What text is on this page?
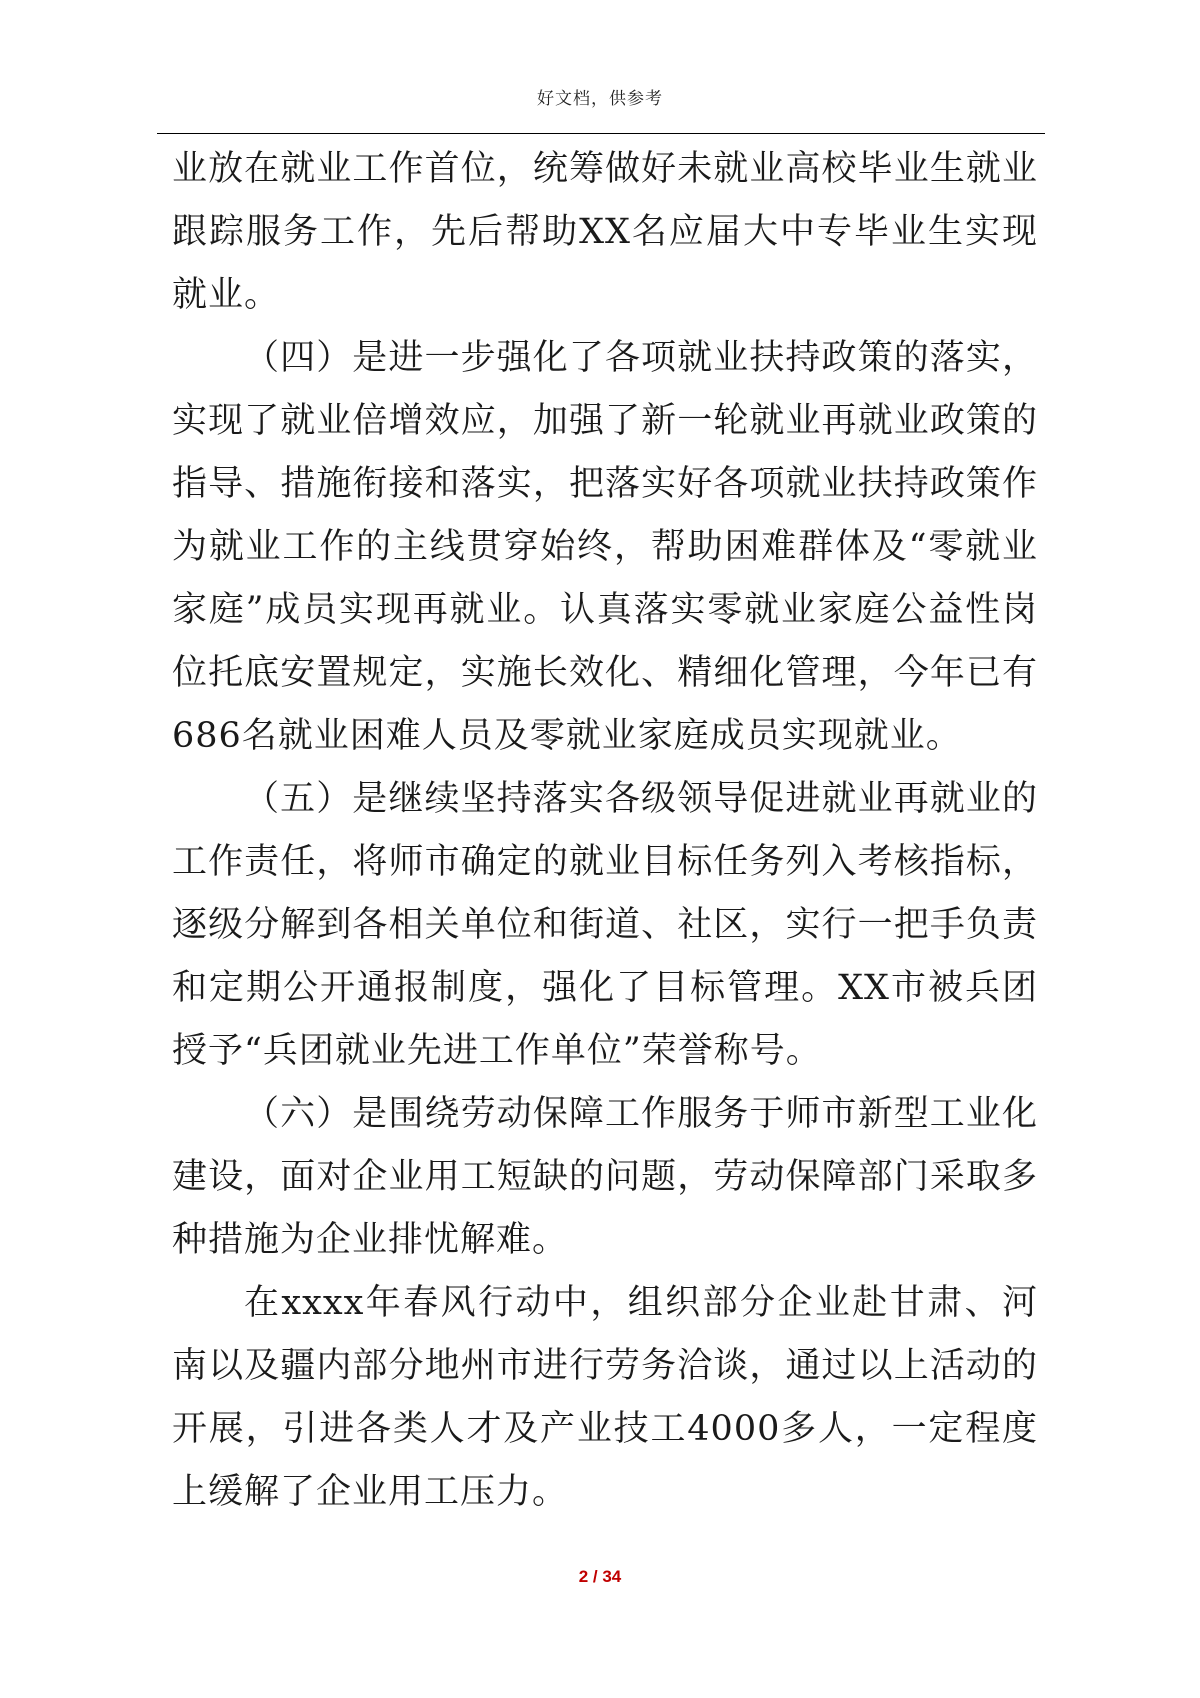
好文档，供参考

业放在就业工作首位，统筹做好未就业高校毕业生就业跟踪服务工作，先后帮助XX名应届大中专毕业生实现就业。

（四）是进一步强化了各项就业扶持政策的落实，实现了就业倍增效应，加强了新一轮就业再就业政策的指导、措施衔接和落实，把落实好各项就业扶持政策作为就业工作的主线贯穿始终，帮助困难群体及“零就业家庭”成员实现再就业。认真落实零就业家庭公益性岗位托底安置规定，实施长效化、精细化管理，今年已有686名就业困难人员及零就业家庭成员实现就业。

（五）是继续坚持落实各级领导促进就业再就业的工作责任，将师市确定的就业目标任务列入考核指标，逐级分解到各相关单位和街道、社区，实行一把手负责和定期公开通报制度，强化了目标管理。XX市被兵团授予“兵团就业先进工作单位”荣誉称号。

（六）是围绕劳动保障工作服务于师市新型工业化建设，面对企业用工短缺的问题，劳动保障部门采取多种措施为企业排忧解难。

在xxxx年春风行动中，组织部分企业赴甘肃、河南以及疆内部分地州市进行劳务洽谈，通过以上活动的开展，引进各类人才及产业技工4000多人，一定程度上缓解了企业用工压力。

2 / 34
